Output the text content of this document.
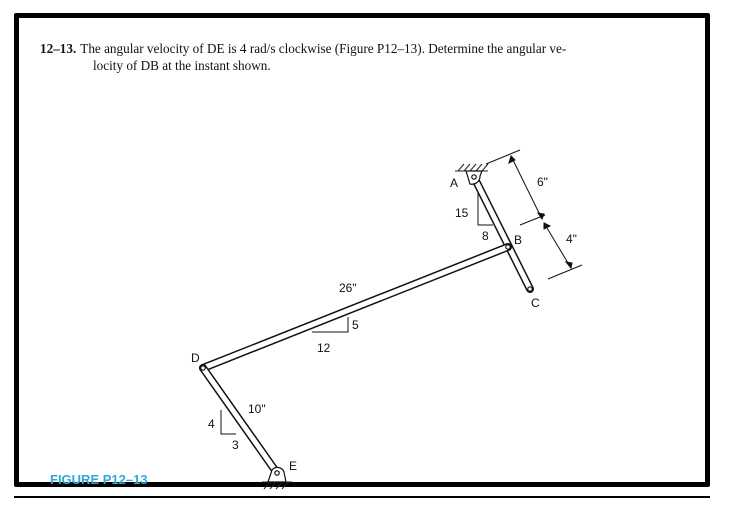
12–13. The angular velocity of DE is 4 rad/s clockwise (Figure P12–13). Determine the angular ve-
locity of DB at the instant shown.
A
B
C
D
E
6"
4"
26"
10"
15
8
5
12
4
3
FIGURE P12–13
